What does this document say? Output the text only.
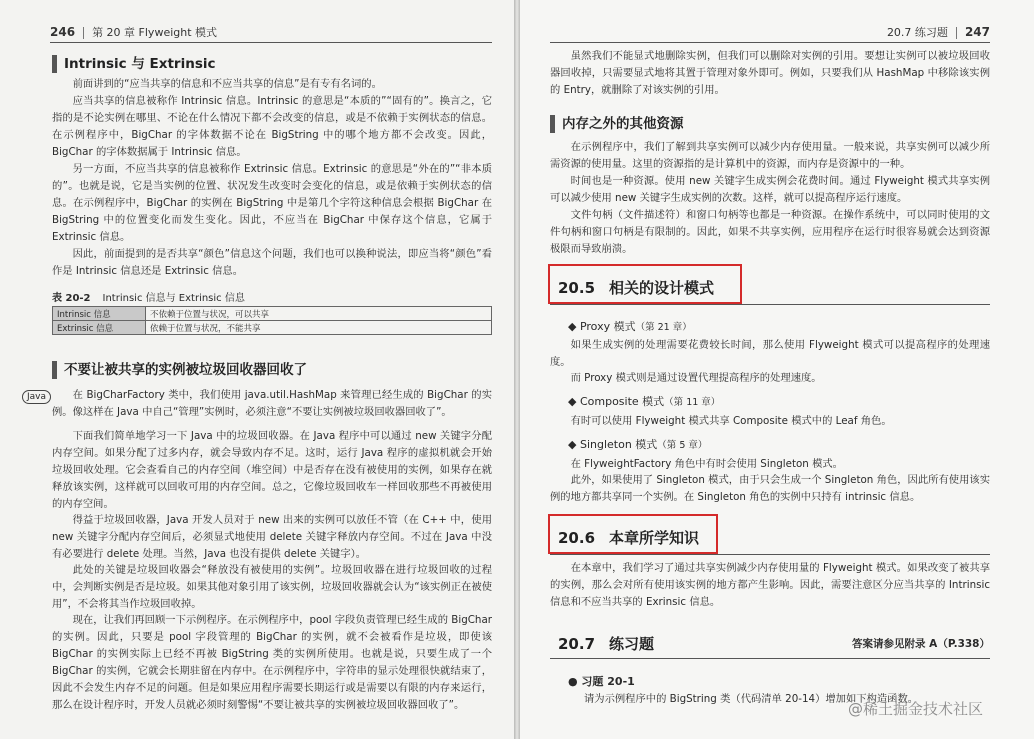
246 第 20 章 Flyweight 模式
Intrinsic 与 Extrinsic

前面讲到的“应当共享的信息和不应当共享的信息”是有专有名词的。

应当共享的信息被称作 Intrinsic 信息。Intrinsic 的意思是“本质的”“固有的”。换言之，它指的是不论实例在哪里、不论在什么情况下都不会改变的信息，或是不依赖于实例状态的信息。在示例程序中，BigChar 的字体数据不论在 BigString 中的哪个地方都不会改变。因此，BigChar 的字体数据属于 Intrinsic 信息。

另一方面，不应当共享的信息被称作 Extrinsic 信息。Extrinsic 的意思是“外在的”“非本质的”。也就是说，它是当实例的位置、状况发生改变时会变化的信息，或是依赖于实例状态的信息。在示例程序中，BigChar 的实例在 BigString 中是第几个字符这种信息会根据 BigChar 在 BigString 中的位置变化而发生变化。因此，不应当在 BigChar 中保存这个信息，它属于 Extrinsic 信息。

因此，前面提到的是否共享“颜色”信息这个问题，我们也可以换种说法，即应当将“颜色”看作是 Intrinsic 信息还是 Extrinsic 信息。

表 20-2 Intrinsic 信息与 Extrinsic 信息
Intrinsic 信息	不依赖于位置与状况，可以共享
Extrinsic 信息	依赖于位置与状况，不能共享
不要让被共享的实例被垃圾回收器回收了
Java	在 BigCharFactory 类中，我们使用 java.util.HashMap 来管理已经生成的 BigChar 的实例。像这样在 Java 中自己“管理”实例时，必须注意“不要让实例被垃圾回收器回收了”。

下面我们简单地学习一下 Java 中的垃圾回收器。在 Java 程序中可以通过 new 关键字分配内存空间。如果分配了过多内存，就会导致内存不足。这时，运行 Java 程序的虚拟机就会开始垃圾回收处理。它会查看自己的内存空间（堆空间）中是否存在没有被使用的实例，如果存在就释放该实例，这样就可以回收可用的内存空间。总之，它像垃圾回收车一样回收那些不再被使用的内存空间。

得益于垃圾回收器，Java 开发人员对于 new 出来的实例可以放任不管（在 C++ 中，使用 new 关键字分配内存空间后，必须显式地使用 delete 关键字释放内存空间。不过在 Java 中没有必要进行 delete 处理。当然，Java 也没有提供 delete 关键字）。

此处的关键是垃圾回收器会“释放没有被使用的实例”。垃圾回收器在进行垃圾回收的过程中，会判断实例是否是垃圾。如果其他对象引用了该实例，垃圾回收器就会认为“该实例正在被使用”，不会将其当作垃圾回收掉。

现在，让我们再回顾一下示例程序。在示例程序中，pool 字段负责管理已经生成的 BigChar 的实例。因此，只要是 pool 字段管理的 BigChar 的实例，就不会被看作是垃圾，即使该 BigChar 的实例实际上已经不再被 BigString 类的实例所使用。也就是说，只要生成了一个 BigChar 的实例，它就会长期驻留在内存中。在示例程序中，字符串的显示处理很快就结束了，因此不会发生内存不足的问题。但是如果应用程序需要长期运行或是需要以有限的内存来运行，那么在设计程序时，开发人员就必须时刻警惕“不要让被共享的实例被垃圾回收器回收了”。

20.7 练习题 247

虽然我们不能显式地删除实例，但我们可以删除对实例的引用。要想让实例可以被垃圾回收器回收掉，只需要显式地将其置于管理对象外即可。例如，只要我们从 HashMap 中移除该实例的 Entry，就删除了对该实例的引用。

内存之外的其他资源

在示例程序中，我们了解到共享实例可以减少内存使用量。一般来说，共享实例可以减少所需资源的使用量。这里的资源指的是计算机中的资源，而内存是资源中的一种。

时间也是一种资源。使用 new 关键字生成实例会花费时间。通过 Flyweight 模式共享实例可以减少使用 new 关键字生成实例的次数。这样，就可以提高程序运行速度。

文件句柄（文件描述符）和窗口句柄等也都是一种资源。在操作系统中，可以同时使用的文件句柄和窗口句柄是有限制的。因此，如果不共享实例，应用程序在运行时很容易就会达到资源极限而导致崩溃。

20.5 相关的设计模式
◆ Proxy 模式（第 21 章）

如果生成实例的处理需要花费较长时间，那么使用 Flyweight 模式可以提高程序的处理速度。

而 Proxy 模式则是通过设置代理提高程序的处理速度。

◆ Composite 模式（第 11 章）

有时可以使用 Flyweight 模式共享 Composite 模式中的 Leaf 角色。

◆ Singleton 模式（第 5 章）

在 FlyweightFactory 角色中有时会使用 Singleton 模式。

此外，如果使用了 Singleton 模式，由于只会生成一个 Singleton 角色，因此所有使用该实例的地方都共享同一个实例。在 Singleton 角色的实例中只持有 intrinsic 信息。

20.6 本章所学知识

在本章中，我们学习了通过共享实例减少内存使用量的 Flyweight 模式。如果改变了被共享的实例，那么会对所有使用该实例的地方都产生影响。因此，需要注意区分应当共享的 Intrinsic 信息和不应当共享的 Exrinsic 信息。

20.7 练习题	答案请参见附录 A（P.338）
● 习题 20-1

请为示例程序中的 BigString 类（代码清单 20-14）增加如下构造函数。

@稀土掘金技术社区
